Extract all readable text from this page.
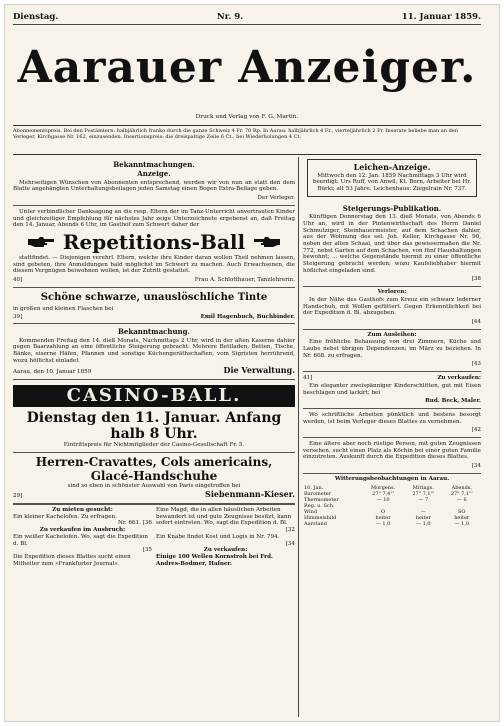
Dienstag.	Nr. 9.	11. Januar 1859.
Aarauer Anzeiger.
Druck und Verlag von F. G. Martin.
Abonnementspreis. Bei den Postämtern: halbjährlich franko durch die ganze Schweiz 4 Fr. 70 Rp. In Aarau: halbjährlich 4 Fr., vierteljährlich 2 Fr. Inserate beliebe man an den Verleger, Kirchgasse Nr. 162, einzusenden. Insertionspreis: die dreispaltige Zeile 6 Ct., bei Wiederholungen 4 Ct.
Bekanntmachungen.
Anzeige.
Mehrseitigen Wünschen von Abonnenten entsprechend, werden wir von nun an statt den dem Blatte angehängten Unterhaltungsbeilagen jeden Samstag einen Bogen Extra-Beilage geben.
Der Verleger.
Unter verbindlicher Danksagung an die resp. Eltern der im Tanz-Unterricht anvertrauten Kinder und gleichzeitiger Empfehlung für nächstes Jahr zeige Unterzeichnete ergebenst an, daß Freitag den 14. Januar, Abends 6 Uhr, im Gasthof zum Schwert daher der
Repetitions-Ball
stattfindet. — Diejenigen verehrl. Eltern, welche ihre Kinder daran wollen Theil nehmen lassen, sind gebeten, ihre Anmeldungen bald möglichst im Schwert zu machen. Auch Erwachsenen, die diesem Vergnügen beiwohnen wollen, ist der Zutritt gestattet.
40]	Frau A. Schlotthauer, Tanzlehrerin.
Schöne schwarze, unauslöschliche Tinte
in großen und kleinen Flaschen bei
39]	Emil Hagenbuch, Buchbinder.
Bekanntmachung.
Kommenden Freitag den 14. dieß Monats, Nachmittags 2 Uhr, wird in der alten Kaserne dahier gegen Baarzahlung an eine öffentliche Steigerung gebracht: Mehrere Bettladen, Betten, Tische, Bänke, eiserne Häfen, Pfannen und sonstige Küchengeräthschaften, vom Sigristen herrührend, wozu höflichst einladet
Aarau, den 10. Januar 1859	Die Verwaltung.
CASINO-BALL.
Dienstag den 11. Januar. Anfang halb 8 Uhr.
Eintrittspreis für Nichtmitglieder der Casino-Gesellschaft Fr. 5.
Herren-Cravattes, Cols americains, Glacé-Handschuhe
sind so eben in schönster Auswahl von Paris eingetroffen bei
29]	Siebenmann-Kieser.
Zu mieten gesucht:
Ein kleiner Kachelofen. Zu erfragen.
Nr. 661. [36
Zu verkaufen im Ausbruch:
Ein weißer Kachelofen. Wo, sagt die Expedition d. Bl.
[35
Die Expedition dieses Blattes sucht einen Mitheiter zum »Frankfurter Journal«.
Eine Magd, die in allen häuslichen Arbeiten bewandert ist und gute Zeugnisse besitzt, kann sofort eintreten. Wo, sagt die Expedition d. Bl.
[32
Ein Knabe findet Kost und Logis in Nr. 794.
[34
Zu verkaufen:
Einige 100 Wellen Kornstroh bei Frd. Andres-Bodmer, Hafner.
Leichen-Anzeige.
Mittwoch den 12. Jan. 1859 Nachmittags 3 Uhr wird beerdigt: Urs Ruff, von Anwil, Kt. Bern, Arbeiter bei Hr. Bürki; alt 53 Jahre. Leichenhaus: Ziegelrain Nr. 737.
Steigerungs-Publikation.
Künftigen Donnerstag den 13. dieß Monats, von Abends 6 Uhr an, wird in der Pintenwirthschaft des Herrn Daniel Schmutziger, Steinhauermeister, auf dem Schachen dahier, aus der Wohnung des sel. Joh. Keller, Kirchgasse Nr. 90, neben der alten Schaal, und über das gewissermaßen die Nr. 772, nebst Garten auf dem Schachen, von fünf Haushaltungen bewohnt; ... welche Gegenstände hiermit zu einer öffentliche Steigerung gebracht werden; wozu Kaufsliebhaber hiermit höflichst eingeladen sind.
[38
Verloren:
In der Nähe des Gasthofs zum Kreuz ein schwarz lederner Handschuh, mit Wollen gefüttert. Gegen Erkenntlichkeit bei der Expedition d. Bl. abzugeben.
[44
Zum Ausleihen:
Eine fröhliche Behausung von drei Zimmern, Küche und Laube nebst übrigen Dependenzen; im März zu beziehen. In Nr. 608. zu erfragen.
[43
41]	Zu verkaufen:
Ein eleganter zweispänniger Kinderschlitten, gut mit Eisen beschlagen und lackirt; bei
Rud. Beck, Maler.
Wo schriftliche Arbeiten pünktlich und bestens besorgt werden, ist beim Verleger dieses Blattes zu vernehmen.
[42
Eine ältere aber noch rüstige Person, mit guten Zeugnissen versehen, sucht einen Platz als Köchin bei einer guten Familie einzutreten. Auskunft durch die Expedition dieses Blattes.
[34
Witterungsbeobachtungen in Aarau.
10. Jan.	Morgens.	Mittags.	Abends.
Barometer	27" 7,4"'	27" 7,1"'	27" 7,1"'
Thermometer	— 10	— 7	— 6
Reg. u. Sch.			
Wind	O	—	SO
Himmelsbild	heiter	heiter	heiter
Aarstand	— 1,0	— 1,0	— 1,0
